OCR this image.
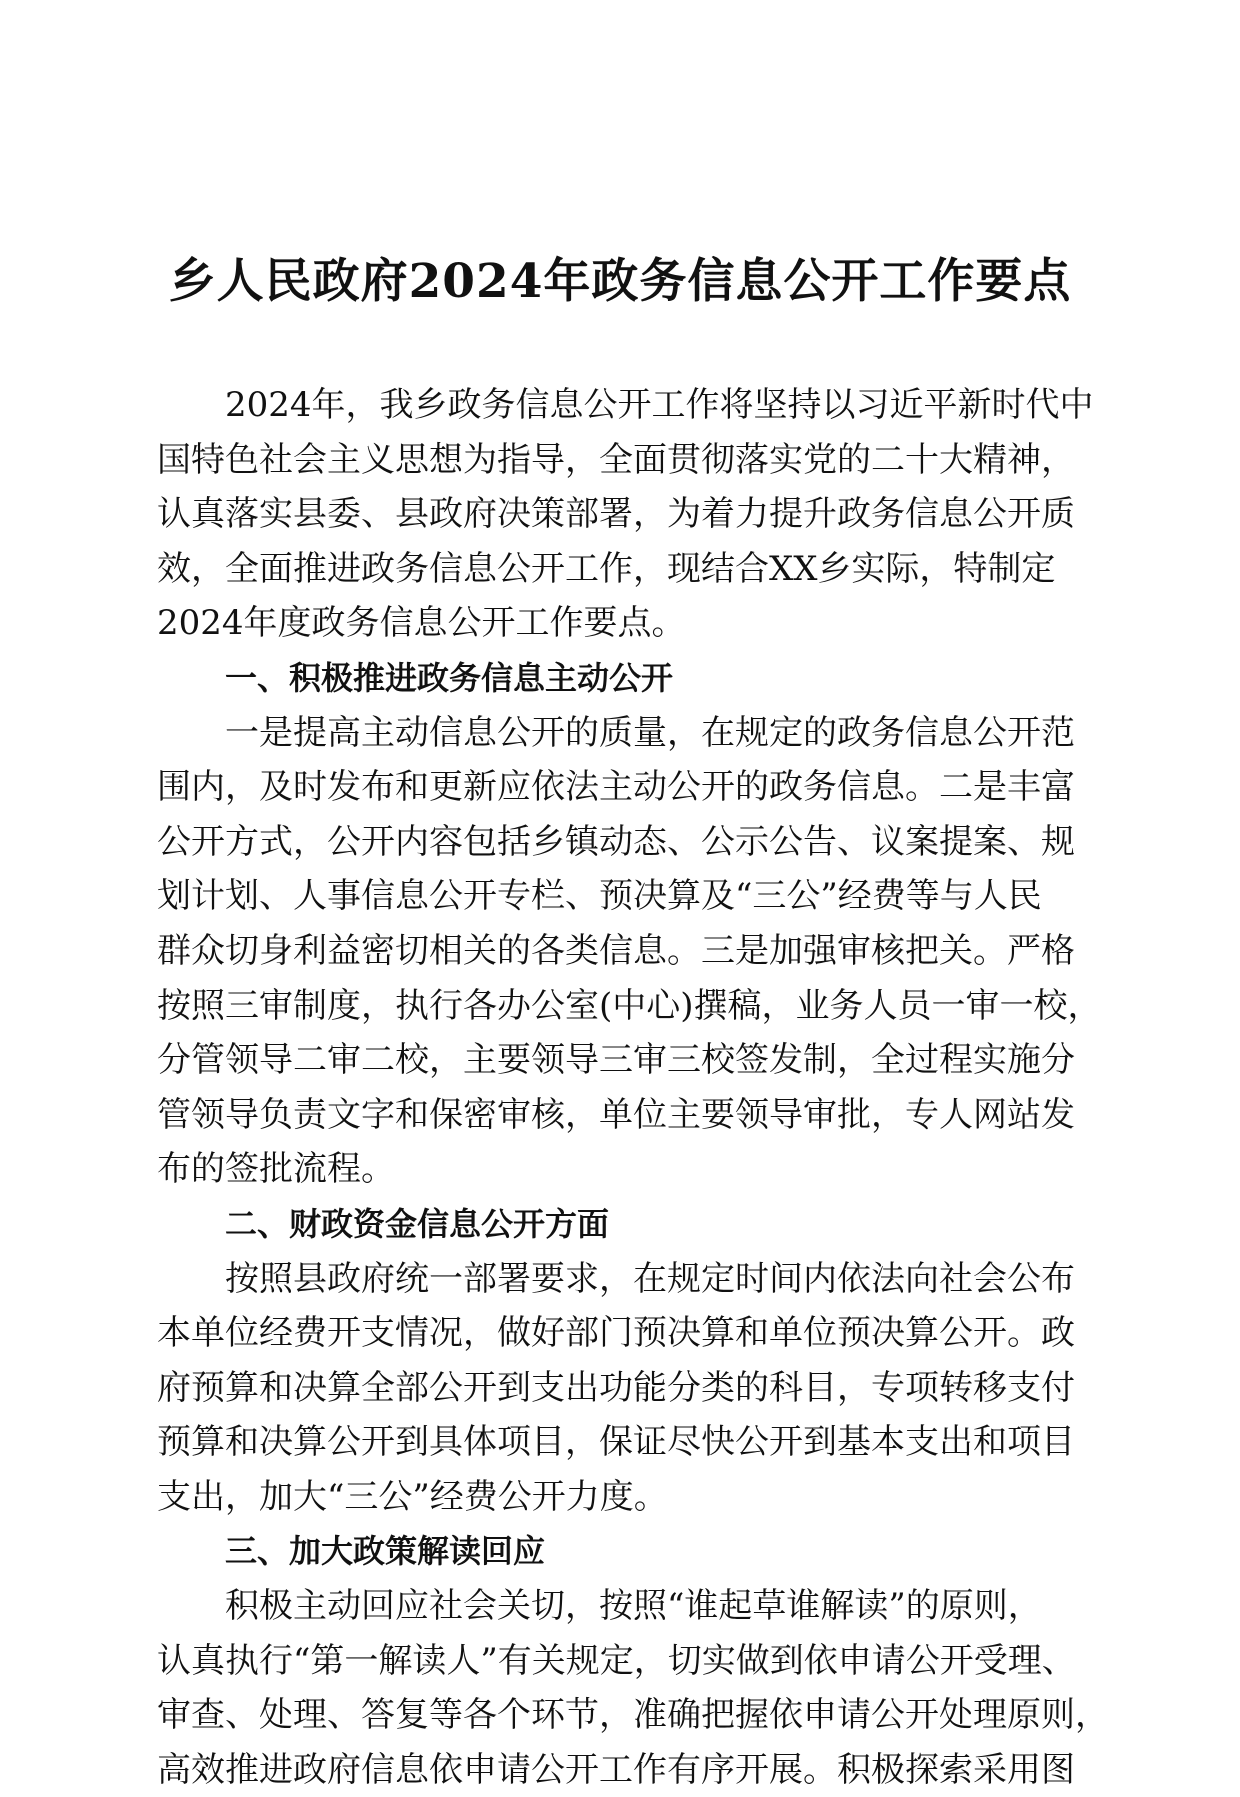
乡人民政府2024年政务信息公开工作要点
2024年，我乡政务信息公开工作将坚持以习近平新时代中
国特色社会主义思想为指导，全面贯彻落实党的二十大精神，
认真落实县委、县政府决策部署，为着力提升政务信息公开质
效，全面推进政务信息公开工作，现结合XX乡实际，特制定
2024年度政务信息公开工作要点。
一、积极推进政务信息主动公开
一是提高主动信息公开的质量，在规定的政务信息公开范
围内，及时发布和更新应依法主动公开的政务信息。二是丰富
公开方式，公开内容包括乡镇动态、公示公告、议案提案、规
划计划、人事信息公开专栏、预决算及“三公”经费等与人民
群众切身利益密切相关的各类信息。三是加强审核把关。严格
按照三审制度，执行各办公室(中心)撰稿，业务人员一审一校，
分管领导二审二校，主要领导三审三校签发制，全过程实施分
管领导负责文字和保密审核，单位主要领导审批，专人网站发
布的签批流程。
二、财政资金信息公开方面
按照县政府统一部署要求，在规定时间内依法向社会公布
本单位经费开支情况，做好部门预决算和单位预决算公开。政
府预算和决算全部公开到支出功能分类的科目，专项转移支付
预算和决算公开到具体项目，保证尽快公开到基本支出和项目
支出，加大“三公”经费公开力度。
三、加大政策解读回应
积极主动回应社会关切，按照“谁起草谁解读”的原则，
认真执行“第一解读人”有关规定，切实做到依申请公开受理、
审查、处理、答复等各个环节，准确把握依申请公开处理原则，
高效推进政府信息依申请公开工作有序开展。积极探索采用图
